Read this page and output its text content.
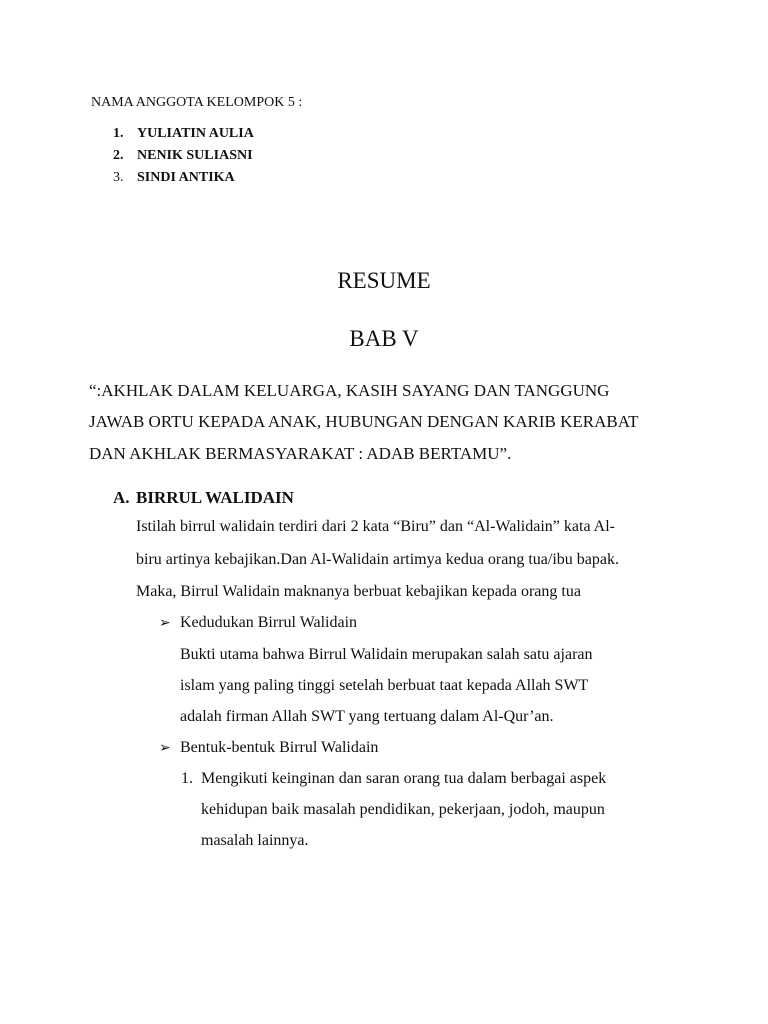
NAMA ANGGOTA KELOMPOK 5 :
1. YULIATIN AULIA
2. NENIK SULIASNI
3. SINDI ANTIKA
RESUME
BAB V
“:AKHLAK DALAM KELUARGA, KASIH SAYANG DAN TANGGUNG
JAWAB ORTU KEPADA ANAK, HUBUNGAN DENGAN KARIB KERABAT
DAN AKHLAK BERMASYARAKAT : ADAB BERTAMU”.
A. BIRRUL WALIDAIN
Istilah birrul walidain terdiri dari 2 kata “Biru” dan “Al-Walidain” kata Al-
biru artinya kebajikan.Dan Al-Walidain artimya kedua orang tua/ibu bapak.
Maka, Birrul Walidain maknanya berbuat kebajikan kepada orang tua
➢ Kedudukan Birrul Walidain
Bukti utama bahwa Birrul Walidain merupakan salah satu ajaran
islam yang paling tinggi setelah berbuat taat kepada Allah SWT
adalah firman Allah SWT yang tertuang dalam Al-Qur’an.
➢ Bentuk-bentuk Birrul Walidain
1. Mengikuti keinginan dan saran orang tua dalam berbagai aspek
kehidupan baik masalah pendidikan, pekerjaan, jodoh, maupun
masalah lainnya.
